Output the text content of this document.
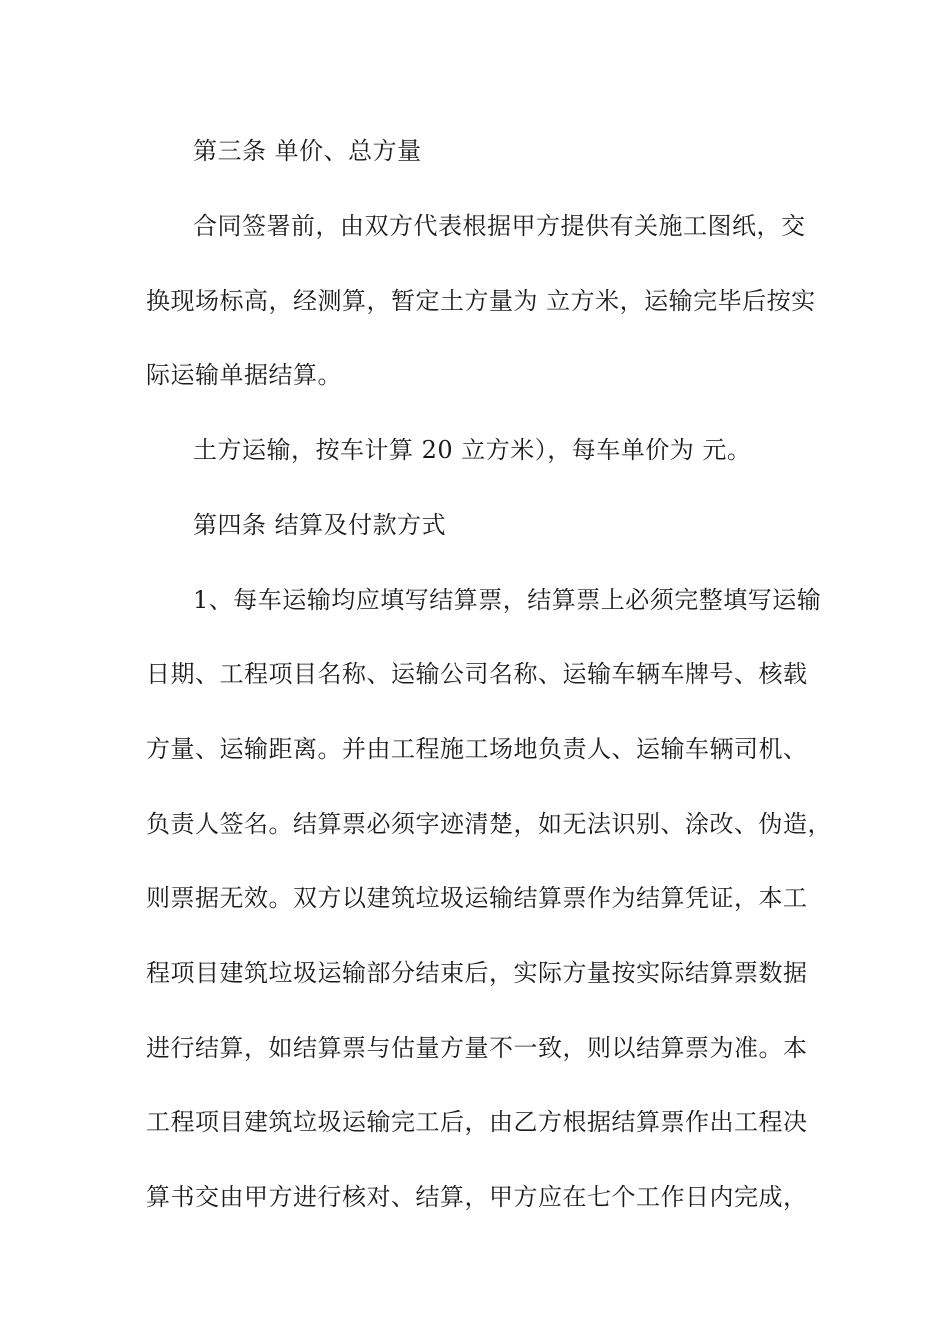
第三条 单价、总方量
合同签署前，由双方代表根据甲方提供有关施工图纸，交
换现场标高，经测算，暂定土方量为 立方米，运输完毕后按实
际运输单据结算。
土方运输，按车计算 20 立方米），每车单价为 元。
第四条 结算及付款方式
1、每车运输均应填写结算票，结算票上必须完整填写运输
日期、工程项目名称、运输公司名称、运输车辆车牌号、核载
方量、运输距离。并由工程施工场地负责人、运输车辆司机、
负责人签名。结算票必须字迹清楚，如无法识别、涂改、伪造，
则票据无效。双方以建筑垃圾运输结算票作为结算凭证，本工
程项目建筑垃圾运输部分结束后，实际方量按实际结算票数据
进行结算，如结算票与估量方量不一致，则以结算票为准。本
工程项目建筑垃圾运输完工后，由乙方根据结算票作出工程决
算书交由甲方进行核对、结算，甲方应在七个工作日内完成，
